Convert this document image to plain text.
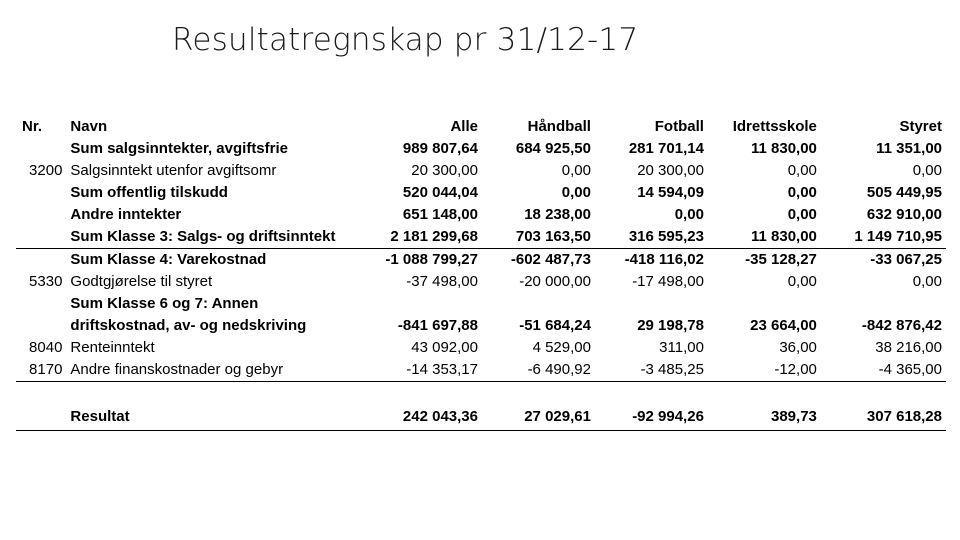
Resultatregnskap pr 31/12-17
Nr.	Navn	Alle	Håndball	Fotball	Idrettsskole	Styret
	Sum salgsinntekter, avgiftsfrie	989 807,64	684 925,50	281 701,14	11 830,00	11 351,00
3200	Salgsinntekt utenfor avgiftsomr	20 300,00	0,00	20 300,00	0,00	0,00
	Sum offentlig tilskudd	520 044,04	0,00	14 594,09	0,00	505 449,95
	Andre inntekter	651 148,00	18 238,00	0,00	0,00	632 910,00
	Sum Klasse 3: Salgs- og driftsinntekt	2 181 299,68	703 163,50	316 595,23	11 830,00	1 149 710,95
	Sum Klasse 4: Varekostnad	-1 088 799,27	-602 487,73	-418 116,02	-35 128,27	-33 067,25
5330	Godtgjørelse til styret	-37 498,00	-20 000,00	-17 498,00	0,00	0,00
	Sum Klasse 6 og 7: Annen					
	driftskostnad, av- og nedskriving	-841 697,88	-51 684,24	29 198,78	23 664,00	-842 876,42
8040	Renteinntekt	43 092,00	4 529,00	311,00	36,00	38 216,00
8170	Andre finanskostnader og gebyr	-14 353,17	-6 490,92	-3 485,25	-12,00	-4 365,00

	Resultat	242 043,36	27 029,61	-92 994,26	389,73	307 618,28
